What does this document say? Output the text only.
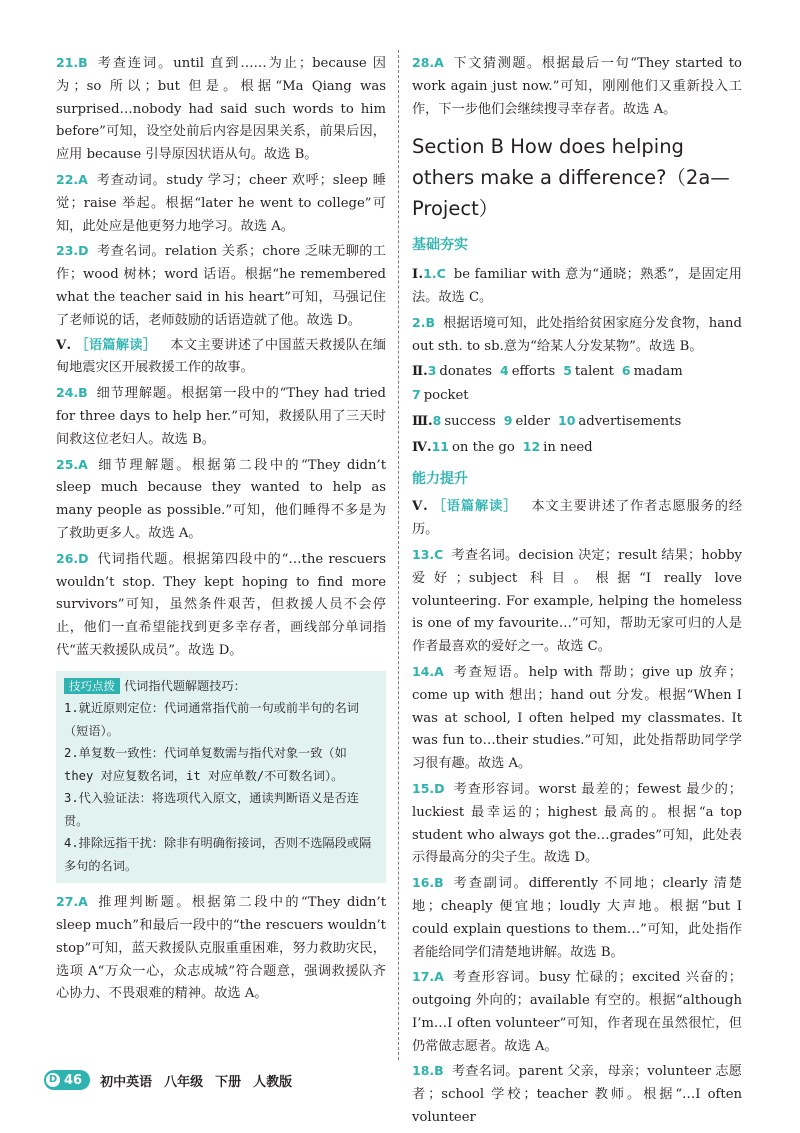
21.B 考查连词。until 直到……为止；because 因为；so 所以；but 但是。根据“Ma Qiang was surprised…nobody had said such words to him before”可知，设空处前后内容是因果关系，前果后因，应用 because 引导原因状语从句。故选 B。

22.A 考查动词。study 学习；cheer 欢呼；sleep 睡觉；raise 举起。根据“later he went to college”可知，此处应是他更努力地学习。故选 A。

23.D 考查名词。relation 关系；chore 乏味无聊的工作；wood 树林；word 话语。根据“he remembered what the teacher said in his heart”可知，马强记住了老师说的话，老师鼓励的话语造就了他。故选 D。

Ⅴ. ［语篇解读］ 本文主要讲述了中国蓝天救援队在缅甸地震灾区开展救援工作的故事。

24.B 细节理解题。根据第一段中的“They had tried for three days to help her.”可知，救援队用了三天时间救这位老妇人。故选 B。

25.A 细节理解题。根据第二段中的“They didn’t sleep much because they wanted to help as many people as possible.”可知，他们睡得不多是为了救助更多人。故选 A。

26.D 代词指代题。根据第四段中的“…the rescuers wouldn’t stop. They kept hoping to find more survivors”可知，虽然条件艰苦，但救援人员不会停止，他们一直希望能找到更多幸存者，画线部分单词指代“蓝天救援队成员”。故选 D。

技巧点拨 代词指代题解题技巧：

1.就近原则定位：代词通常指代前一句或前半句的名词（短语）。

2.单复数一致性：代词单复数需与指代对象一致（如 they 对应复数名词，it 对应单数/不可数名词）。

3.代入验证法：将选项代入原文，通读判断语义是否连贯。

4.排除远指干扰：除非有明确衔接词，否则不选隔段或隔多句的名词。

27.A 推理判断题。根据第二段中的“They didn’t sleep much”和最后一段中的“the rescuers wouldn’t stop”可知，蓝天救援队克服重重困难，努力救助灾民，选项 A“万众一心，众志成城”符合题意，强调救援队齐心协力、不畏艰难的精神。故选 A。

28.A 下文猜测题。根据最后一句“They started to work again just now.”可知，刚刚他们又重新投入工作，下一步他们会继续搜寻幸存者。故选 A。

Section B How does helping others make a difference?（2a—Project）
基础夯实

Ⅰ.1.C be familiar with 意为“通晓；熟悉”，是固定用法。故选 C。

2.B 根据语境可知，此处指给贫困家庭分发食物，hand out sth. to sb.意为“给某人分发某物”。故选 B。

Ⅱ.3 donates 4 efforts 5 talent 6 madam7 pocket

Ⅲ.8 success 9 elder 10 advertisements

Ⅳ.11 on the go 12 in need

能力提升

Ⅴ. ［语篇解读］ 本文主要讲述了作者志愿服务的经历。

13.C 考查名词。decision 决定；result 结果；hobby 爱好；subject 科目。根据“I really love volunteering. For example, helping the homeless is one of my favourite…”可知，帮助无家可归的人是作者最喜欢的爱好之一。故选 C。

14.A 考查短语。help with 帮助；give up 放弃；come up with 想出；hand out 分发。根据“When I was at school, I often helped my classmates. It was fun to…their studies.”可知，此处指帮助同学学习很有趣。故选 A。

15.D 考查形容词。worst 最差的；fewest 最少的；luckiest 最幸运的；highest 最高的。根据“a top student who always got the…grades”可知，此处表示得最高分的尖子生。故选 D。

16.B 考查副词。differently 不同地；clearly 清楚地；cheaply 便宜地；loudly 大声地。根据“but I could explain questions to them…”可知，此处指作者能给同学们清楚地讲解。故选 B。

17.A 考查形容词。busy 忙碌的；excited 兴奋的；outgoing 外向的；available 有空的。根据“although I’m…I often volunteer”可知，作者现在虽然很忙，但仍常做志愿者。故选 A。

18.B 考查名词。parent 父亲，母亲；volunteer 志愿者；school 学校；teacher 教师。根据“…I often volunteer

D 46 初中英语 八年级 下册 人教版
